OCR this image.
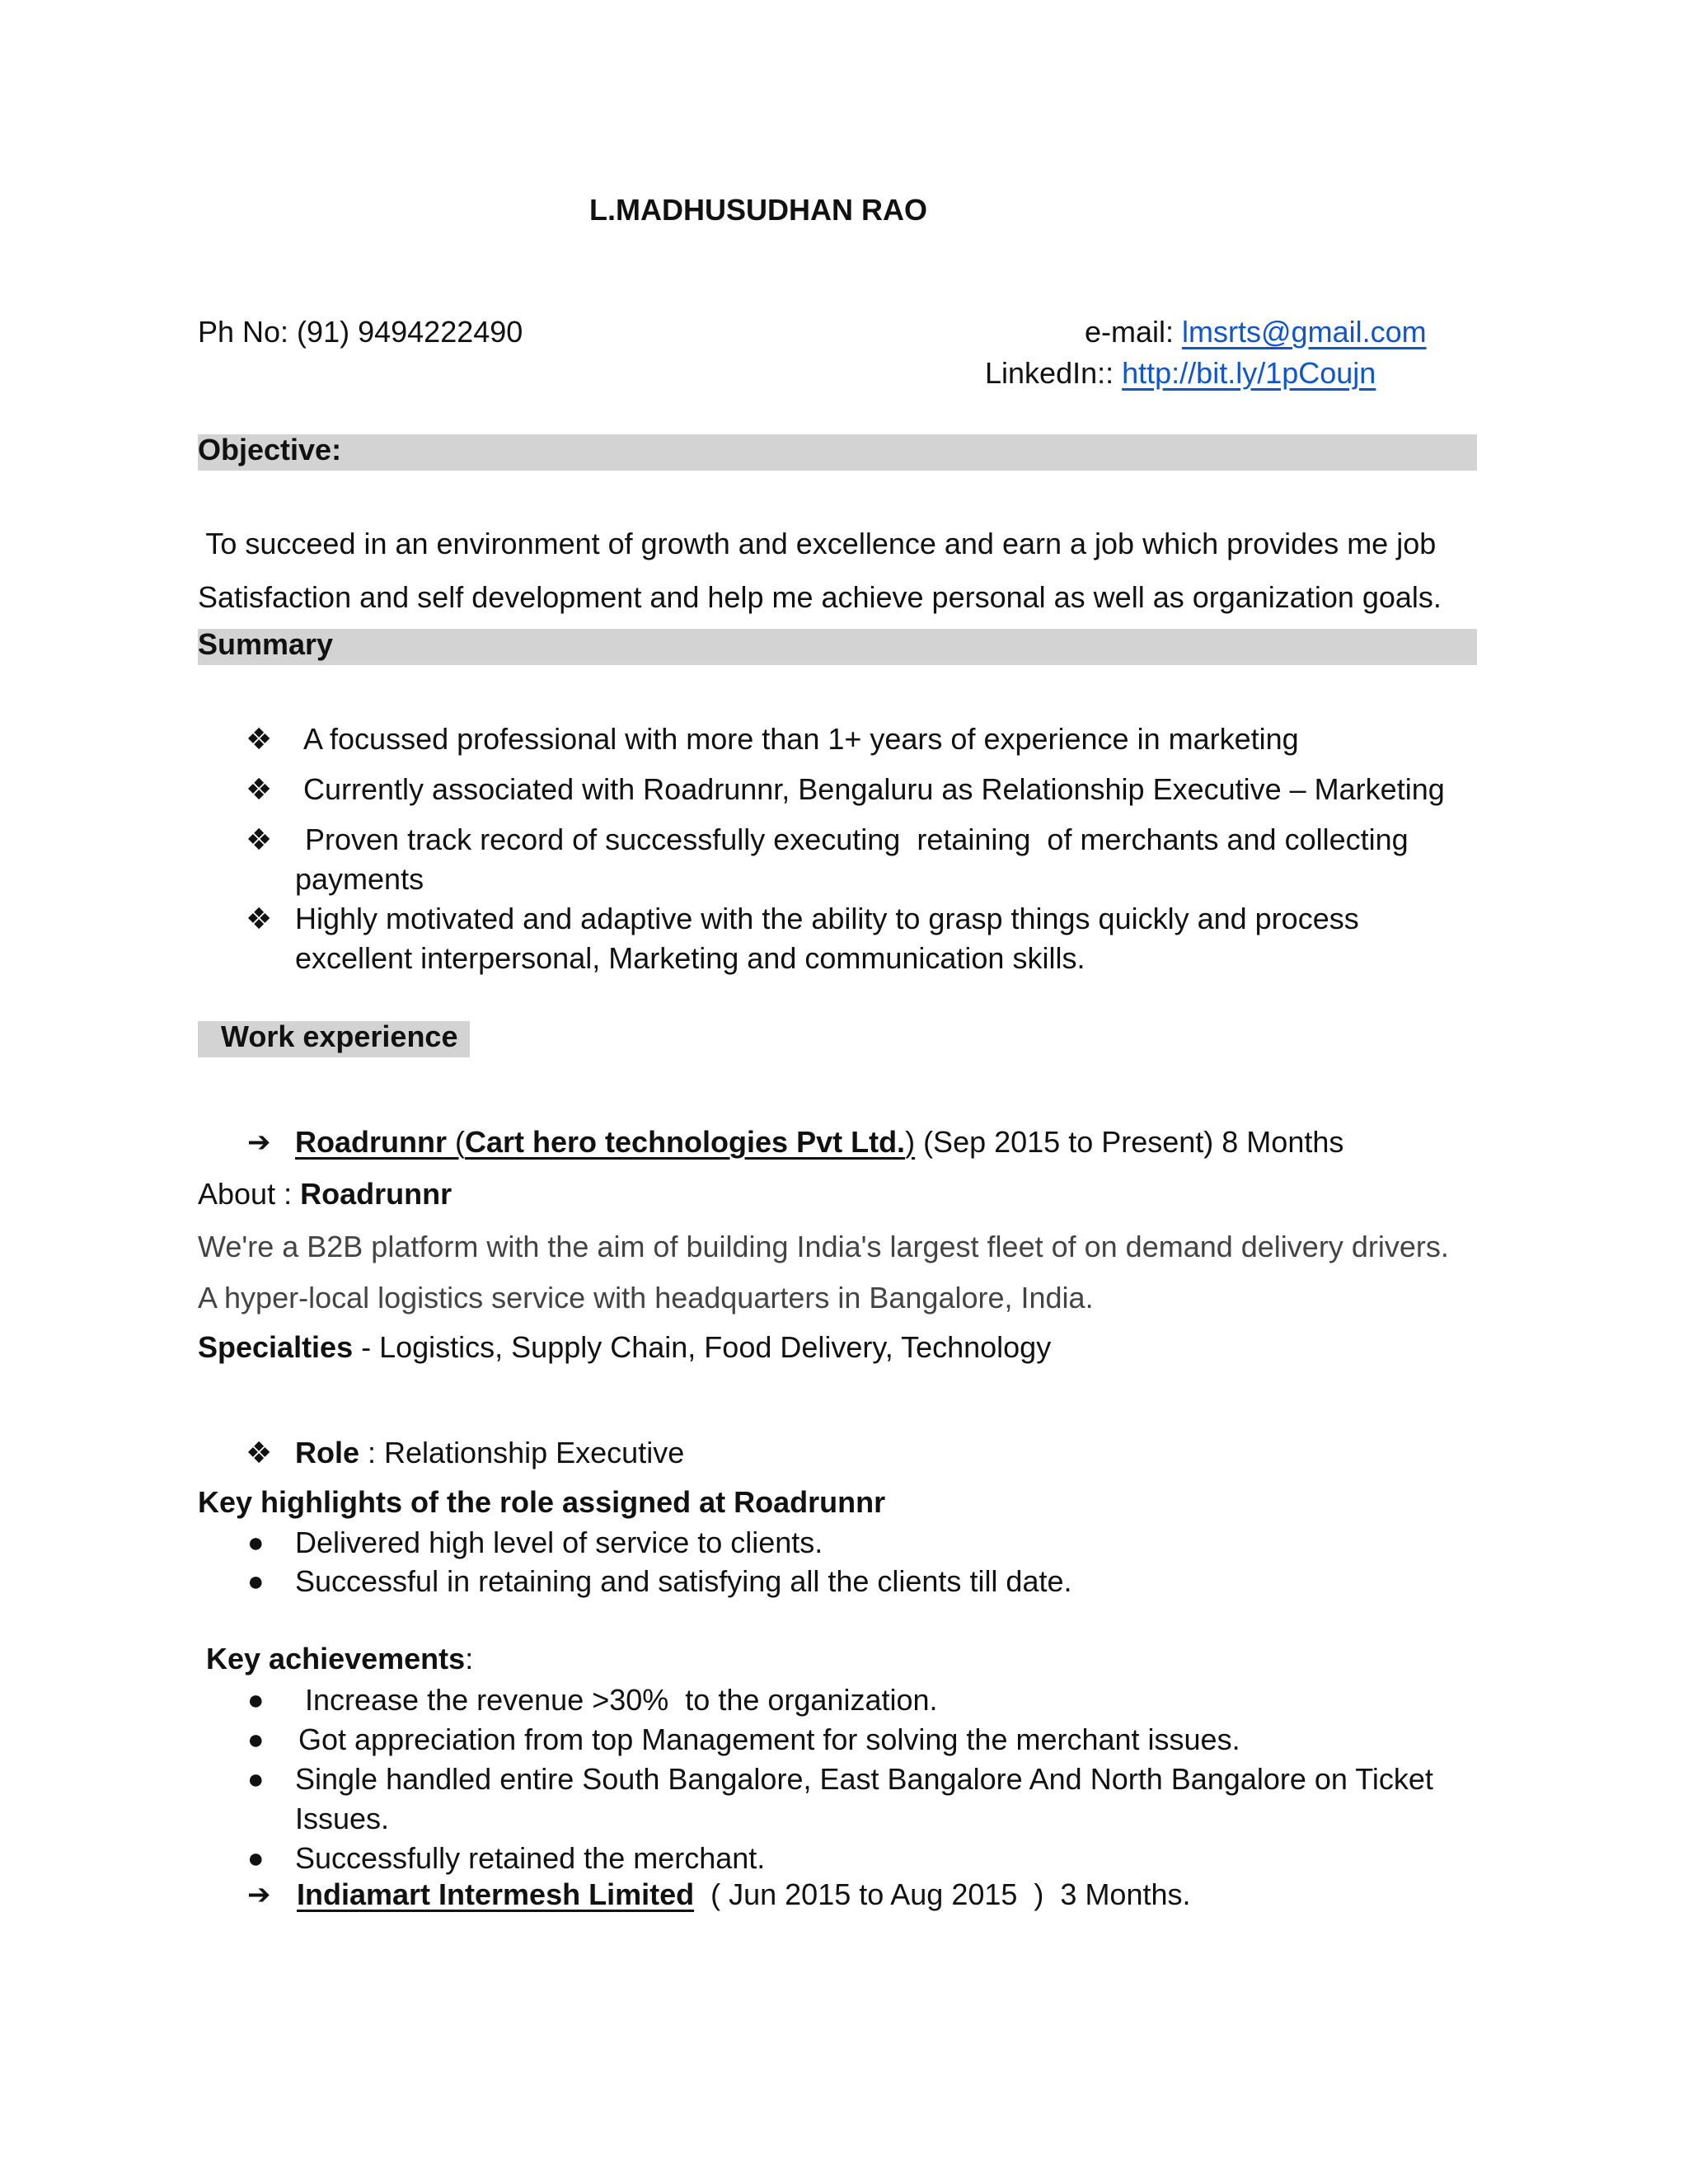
L.MADHUSUDHAN RAO
Ph No: (91) 9494222490	e-mail: lmsrts@gmail.com
LinkedIn:: http://bit.ly/1pCoujn
Objective:
To succeed in an environment of growth and excellence and earn a job which provides me job
Satisfaction and self development and help me achieve personal as well as organization goals.
Summary
❖ A focussed professional with more than 1+ years of experience in marketing
❖ Currently associated with Roadrunnr, Bengaluru as Relationship Executive – Marketing
❖ Proven track record of successfully executing  retaining  of merchants and collecting
payments
❖ Highly motivated and adaptive with the ability to grasp things quickly and process
excellent interpersonal, Marketing and communication skills.
Work experience
➔ Roadrunnr (Cart hero technologies Pvt Ltd.) (Sep 2015 to Present) 8 Months
About : Roadrunnr
We're a B2B platform with the aim of building India's largest fleet of on demand delivery drivers.
A hyper-local logistics service with headquarters in Bangalore, India.
Specialties - Logistics, Supply Chain, Food Delivery, Technology
❖ Role : Relationship Executive
Key highlights of the role assigned at Roadrunnr
● Delivered high level of service to clients.
● Successful in retaining and satisfying all the clients till date.
Key achievements:
● Increase the revenue >30%  to the organization.
● Got appreciation from top Management for solving the merchant issues.
● Single handled entire South Bangalore, East Bangalore And North Bangalore on Ticket
Issues.
● Successfully retained the merchant.
➔ Indiamart Intermesh Limited  ( Jun 2015 to Aug 2015  )  3 Months.
